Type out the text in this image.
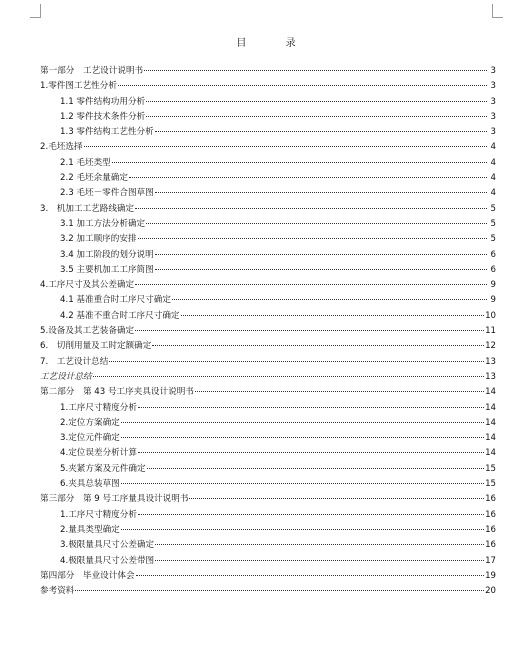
目 录
第一部分　工艺设计说明书	3
1.零件图工艺性分析	3
1.1 零件结构功用分析	3
1.2 零件技术条件分析	3
1.3 零件结构工艺性分析	3
2.毛坯选择	4
2.1 毛坯类型	4
2.2 毛坯余量确定	4
2.3 毛坯－零件合图草图	4
3.　机加工工艺路线确定	5
3.1 加工方法分析确定	5
3.2 加工顺序的安排	5
3.4 加工阶段的划分说明	6
3.5 主要机加工工序简图	6
4.工序尺寸及其公差确定	9
4.1 基准重合时工序尺寸确定	9
4.2 基准不重合时工序尺寸确定	10
5.设备及其工艺装备确定	11
6.　切削用量及工时定额确定	12
7.　工艺设计总结	13
工艺设计总结	13
第二部分　第 43 号工序夹具设计说明书	14
1.工序尺寸精度分析	14
2.定位方案确定	14
3.定位元件确定	14
4.定位误差分析计算	14
5.夹紧方案及元件确定	15
6.夹具总装草图	15
第三部分　第 9 号工序量具设计说明书	16
1.工序尺寸精度分析	16
2.量具类型确定	16
3.极限量具尺寸公差确定	16
4.极限量具尺寸公差带图	17
第四部分　毕业设计体会	19
参考资料	20
